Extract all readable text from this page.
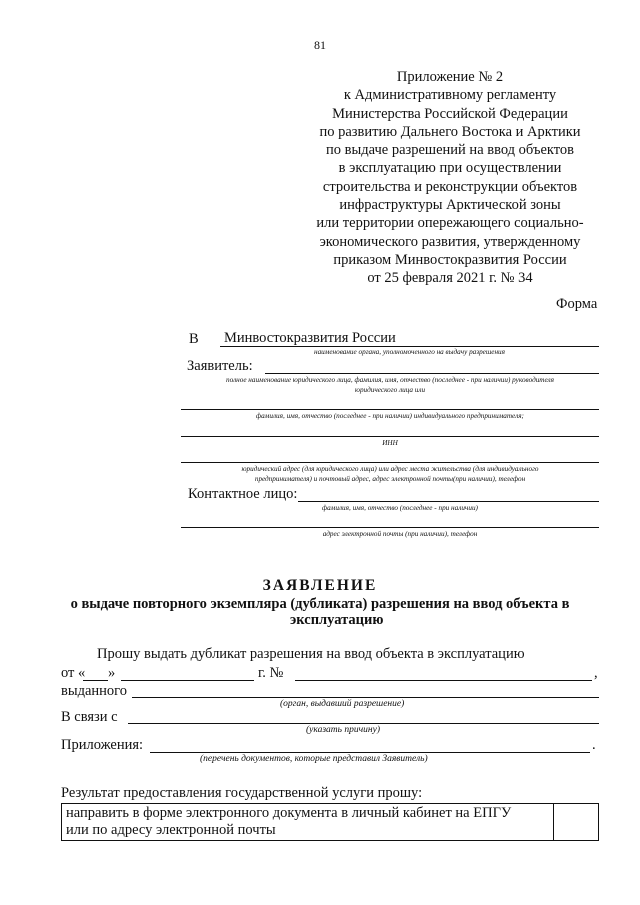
81
Приложение № 2
к Административному регламенту
Министерства Российской Федерации
по развитию Дальнего Востока и Арктики
по выдаче разрешений на ввод объектов
в эксплуатацию при осуществлении
строительства и реконструкции объектов
инфраструктуры Арктической зоны
или территории опережающего социально-
экономического развития, утвержденному
приказом Минвостокразвития России
от 25 февраля 2021 г. № 34
Форма
В Минвостокразвития России
наименование органа, уполномоченного на выдачу разрешения
Заявитель:
полное наименование юридического лица, фамилия, имя, отчество (последнее - при наличии) руководителя
юридического лица или
фамилия, имя, отчество (последнее - при наличии) индивидуального предпринимателя;
ИНН
юридический адрес (для юридического лица) или адрес места жительства (для индивидуального
предпринимателя) и почтовый адрес, адрес электронной почты(при наличии), телефон
Контактное лицо:
фамилия, имя, отчество (последнее - при наличии)
адрес электронной почты (при наличии), телефон
ЗАЯВЛЕНИЕ
о выдаче повторного экземпляра (дубликата) разрешения на ввод объекта в
эксплуатацию
Прошу выдать дубликат разрешения на ввод объекта в эксплуатацию
от « »	г. №	,
выданного
(орган, выдавший разрешение)
В связи с
(указать причину)
Приложения:	.
(перечень документов, которые представил Заявитель)
Результат предоставления государственной услуги прошу:
направить в форме электронного документа в личный кабинет на ЕПГУ
или по адресу электронной почты
